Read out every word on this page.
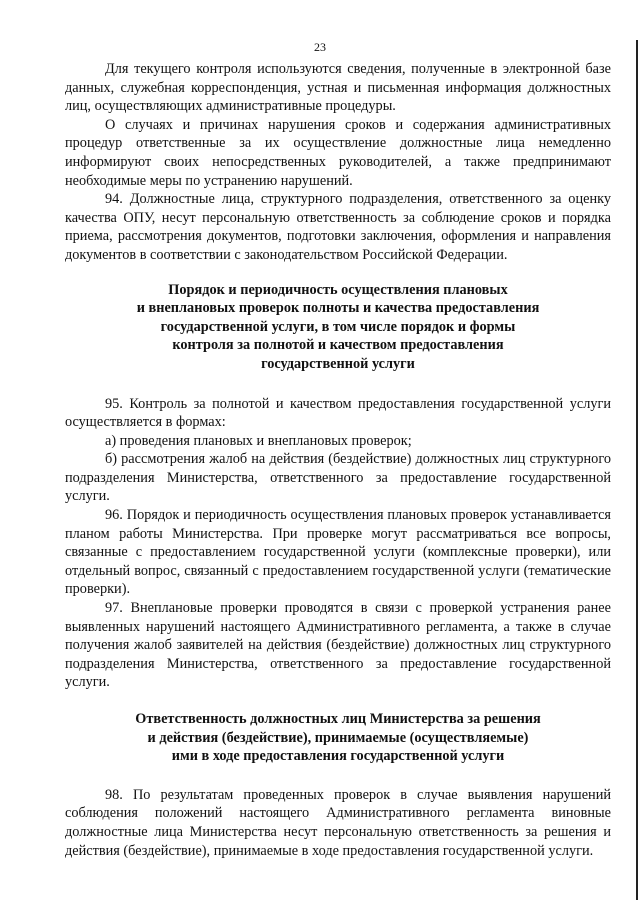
23

Для текущего контроля используются сведения, полученные в электронной базе данных, служебная корреспонденция, устная и письменная информация должностных лиц, осуществляющих административные процедуры.

О случаях и причинах нарушения сроков и содержания административных процедур ответственные за их осуществление должностные лица немедленно информируют своих непосредственных руководителей, а также предпринимают необходимые меры по устранению нарушений.

94. Должностные лица, структурного подразделения, ответственного за оценку качества ОПУ, несут персональную ответственность за соблюдение сроков и порядка приема, рассмотрения документов, подготовки заключения, оформления и направления документов в соответствии с законодательством Российской Федерации.

Порядок и периодичность осуществления плановых
и внеплановых проверок полноты и качества предоставления
государственной услуги, в том числе порядок и формы
контроля за полнотой и качеством предоставления
государственной услуги

95. Контроль за полнотой и качеством предоставления государственной услуги осуществляется в формах:

а) проведения плановых и внеплановых проверок;

б) рассмотрения жалоб на действия (бездействие) должностных лиц структурного подразделения Министерства, ответственного за предоставление государственной услуги.

96. Порядок и периодичность осуществления плановых проверок устанавливается планом работы Министерства. При проверке могут рассматриваться все вопросы, связанные с предоставлением государственной услуги (комплексные проверки), или отдельный вопрос, связанный с предоставлением государственной услуги (тематические проверки).

97. Внеплановые проверки проводятся в связи с проверкой устранения ранее выявленных нарушений настоящего Административного регламента, а также в случае получения жалоб заявителей на действия (бездействие) должностных лиц структурного подразделения Министерства, ответственного за предоставление государственной услуги.

Ответственность должностных лиц Министерства за решения
и действия (бездействие), принимаемые (осуществляемые)
ими в ходе предоставления государственной услуги

98. По результатам проведенных проверок в случае выявления нарушений соблюдения положений настоящего Административного регламента виновные должностные лица Министерства несут персональную ответственность за решения и действия (бездействие), принимаемые в ходе предоставления государственной услуги.
